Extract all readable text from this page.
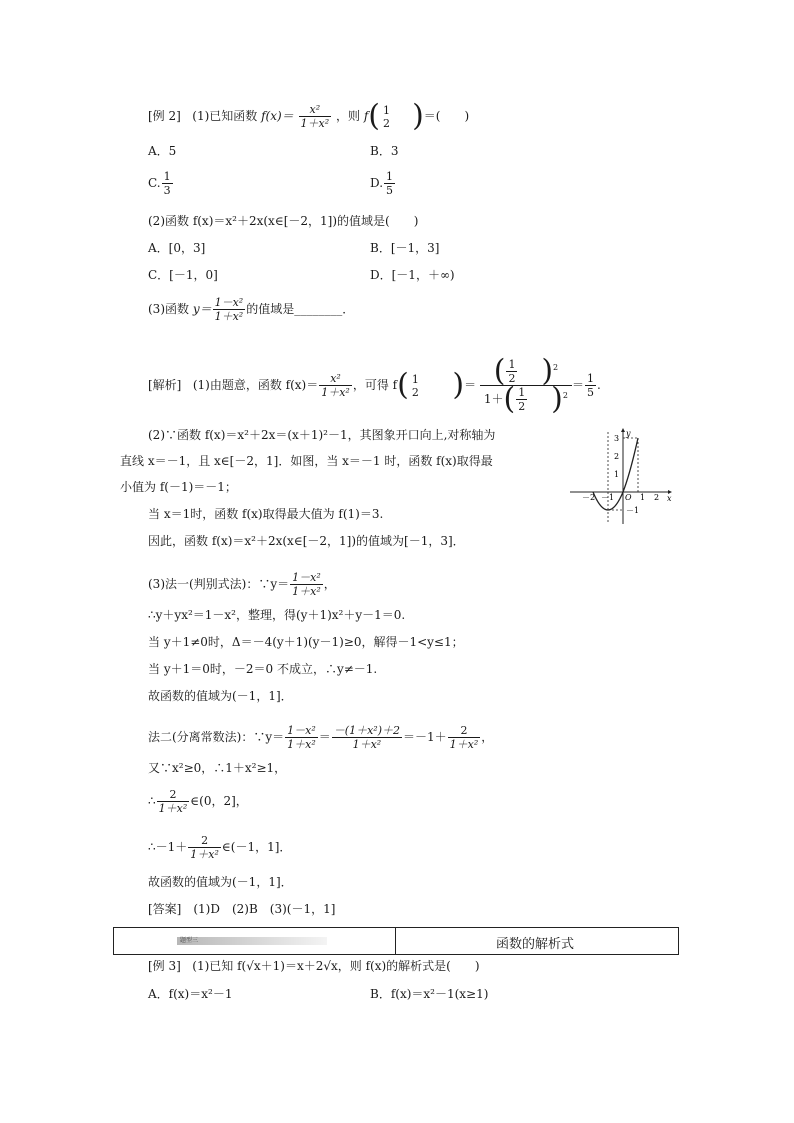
[例 2] (1)已知函数 $f(x)= \frac{\text{x²}}{\text{1＋x²}}$ ，则 f( 1
2 )＝(　　)
A．5	B．3
C. $\frac{1}{3}$	D. $\frac{1}{5}$
(2)函数 f(x)＝x²＋2x(x∈[－2，1])的值域是(　　)
A．[0，3]	B．[－1，3]
C．[－1，0]	D．[－1，＋∞)
(3)函数 $y= \frac{\text{1－x²}}{\text{1＋x²}}$ 的值域是________．
[解析] (1)由题意，函数 $f(x)= \frac{\text{x²}}{\text{1＋x²}}$ ，可得 f( 1
2 )＝ $\frac{( \frac{1}{2} )^2}{1+( \frac{1}{2} )^2} = \frac{1}{5}$ .
(2)∵函数 f(x)＝x²＋2x＝(x＋1)²－1，其图象开口向上,对称轴为
直线 x＝－1，且 x∈[－2，1]．如图，当 x＝－1 时，函数 f(x)取得最
小值为 f(－1)＝－1；
当 x＝1时，函数 f(x)取得最大值为 f(1)＝3.
因此，函数 f(x)＝x²＋2x(x∈[－2，1])的值域为[－1，3]．
x
y
O
－2 －1	1 2
3
2
1
－1
(3)法一(判别式法)：∵y＝ $\frac{\text{1－x²}}{\text{1＋x²}}$ ，
∴y＋yx²＝1－x²，整理，得(y＋1)x²＋y－1＝0.
当 y＋1≠0时，Δ＝－4(y＋1)(y－1)≥0，解得－1<y≤1；
当 y＋1＝0时，－2＝0 不成立，∴y≠－1.
故函数的值域为(－1，1]．
法二(分离常数法)：∵y＝ $\frac{\text{1－x²}}{\text{1＋x²}} = \frac{\text{－(1＋x²)＋2}}{\text{1＋x²}} =-1+ \frac{2}{\text{1＋x²}}$ ，
又∵x²≥0，∴1＋x²≥1，
∴ $\frac{2}{\text{1＋x²}}$ ∈(0，2]，
∴－1＋ $\frac{2}{\text{1＋x²}}$ ∈(－1，1]．
故函数的值域为(－1，1]．
[答案]　(1)D　(2)B　(3)(－1，1]
题型三	函数的解析式
[例 3] (1)已知 f(√x＋1)＝x＋2√x，则 f(x)的解析式是(　　)
A．f(x)＝x²－1	B．f(x)＝x²－1(x≥1)
